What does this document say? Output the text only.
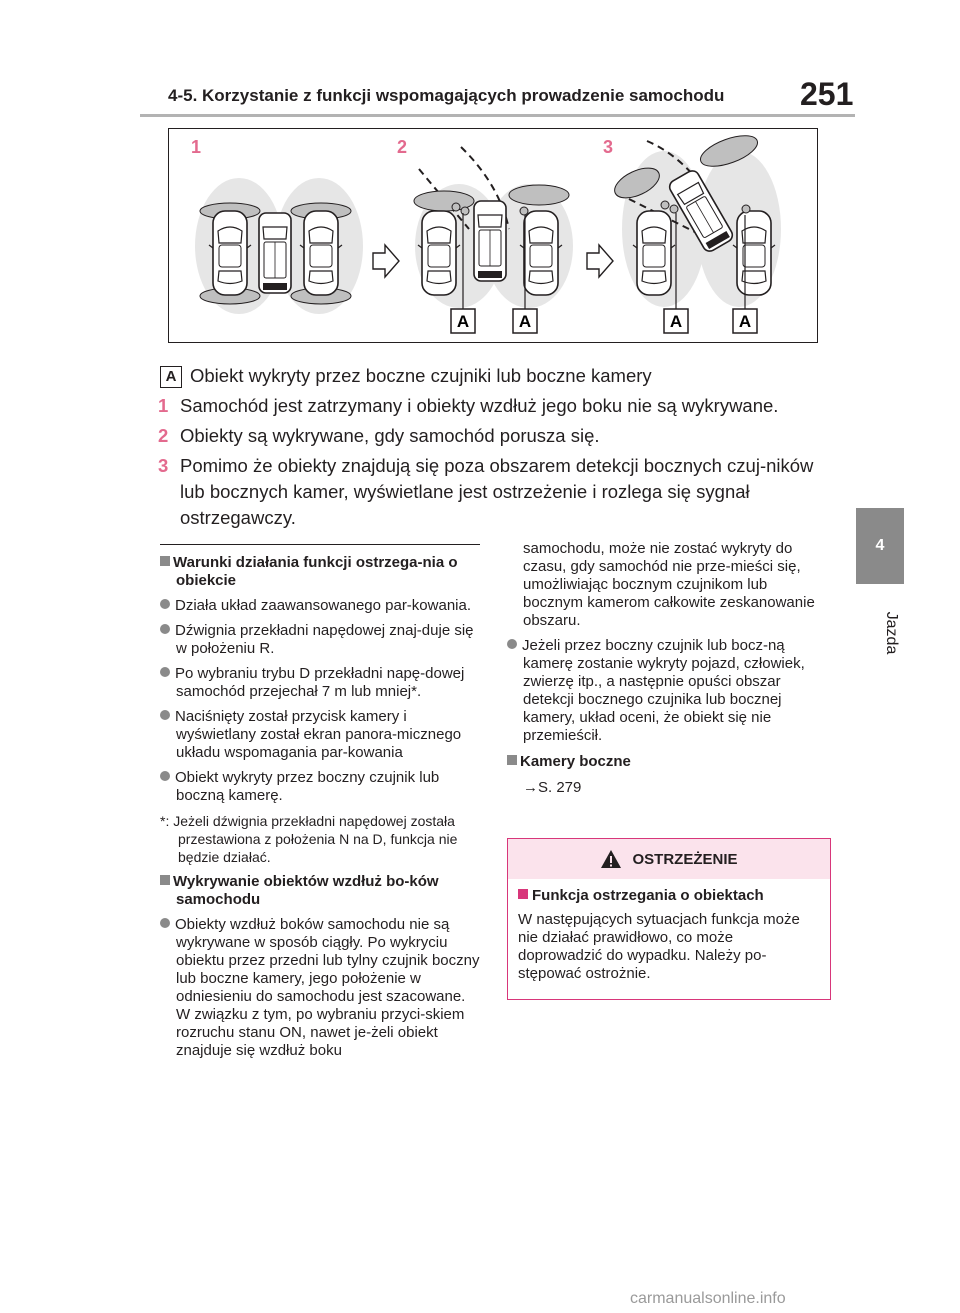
4-5. Korzystanie z funkcji wspomagających prowadzenie samochodu 251
4
Jazda
1	2	3
A	A	A	A
A Obiekt wykryty przez boczne czujniki lub boczne kamery
1 Samochód jest zatrzymany i obiekty wzdłuż jego boku nie są wykrywane.
2 Obiekty są wykrywane, gdy samochód porusza się.
3 Pomimo że obiekty znajdują się poza obszarem detekcji bocznych czuj-ników lub bocznych kamer, wyświetlane jest ostrzeżenie i rozlega się sygnał ostrzegawczy.

Warunki działania funkcji ostrzega-nia o obiekcie

Działa układ zaawansowanego par-kowania.

Dźwignia przekładni napędowej znaj-duje się w położeniu R.

Po wybraniu trybu D przekładni napę-dowej samochód przejechał 7 m lub mniej*.

Naciśnięty został przycisk kamery i wyświetlany został ekran panora-micznego układu wspomagania par-kowania

Obiekt wykryty przez boczny czujnik lub boczną kamerę.

*: Jeżeli dźwignia przekładni napędowej została przestawiona z położenia N na D, funkcja nie będzie działać.

Wykrywanie obiektów wzdłuż bo-ków samochodu

Obiekty wzdłuż boków samochodu nie są wykrywane w sposób ciągły. Po wykryciu obiektu przez przedni lub tylny czujnik boczny lub boczne kamery, jego położenie w odniesieniu do samochodu jest szacowane. W związku z tym, po wybraniu przyci-skiem rozruchu stanu ON, nawet je-żeli obiekt znajduje się wzdłuż boku

samochodu, może nie zostać wykryty do czasu, gdy samochód nie prze-mieści się, umożliwiając bocznym czujnikom lub bocznym kamerom całkowite zeskanowanie obszaru.

Jeżeli przez boczny czujnik lub bocz-ną kamerę zostanie wykryty pojazd, człowiek, zwierzę itp., a następnie opuści obszar detekcji bocznego czujnika lub bocznej kamery, układ oceni, że obiekt się nie przemieścił.

Kamery boczne

→S. 279

OSTRZEŻENIE

Funkcja ostrzegania o obiektach

W następujących sytuacjach funkcja może nie działać prawidłowo, co może doprowadzić do wypadku. Należy po-stępować ostrożnie.

carmanualsonline.info
